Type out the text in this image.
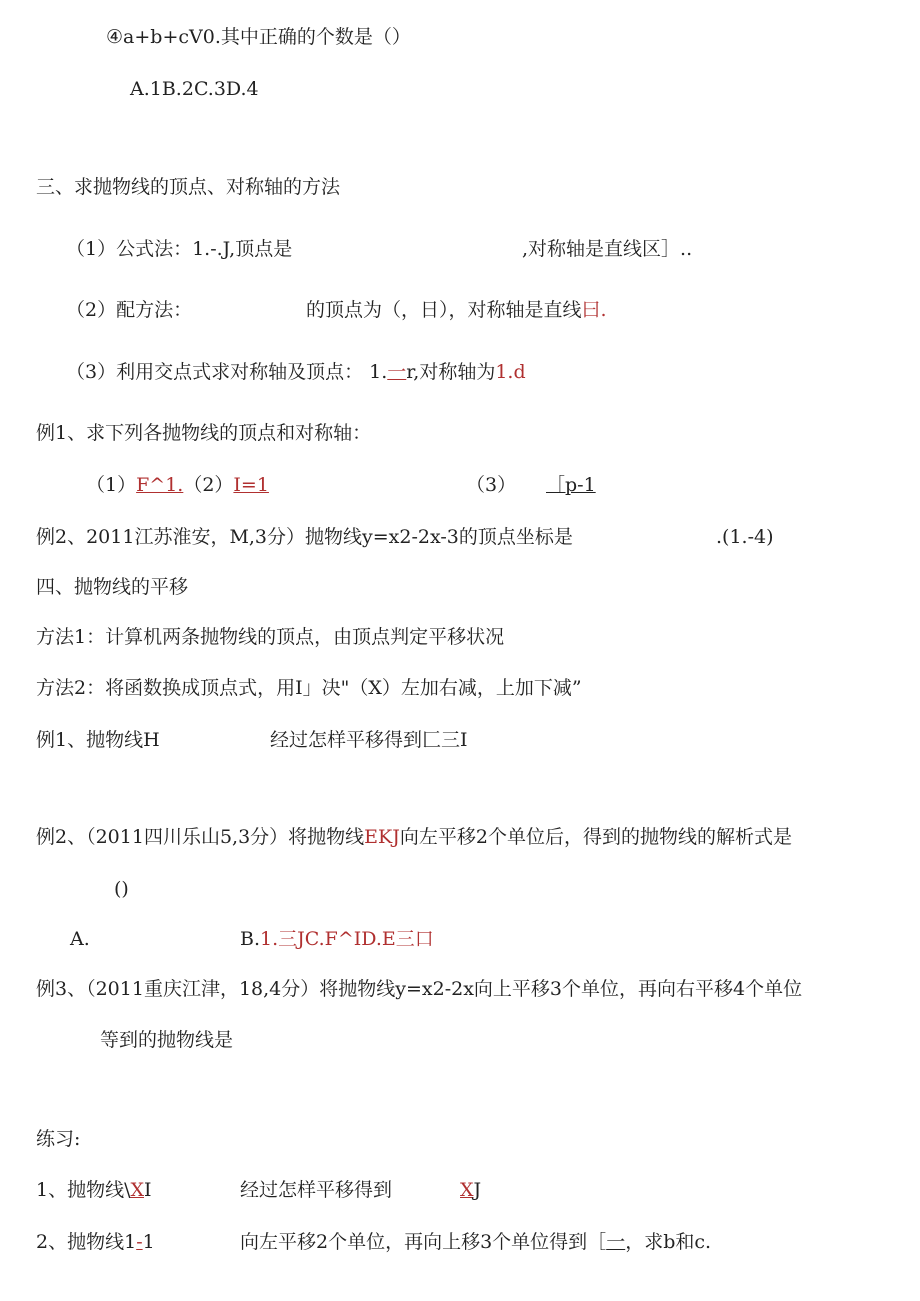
④a+b+cV0.其中正确的个数是（）
A.1B.2C.3D.4
三、求抛物线的顶点、对称轴的方法
（1）公式法：1.-.J,顶点是	,对称轴是直线区］..
（2）配方法：	的顶点为（，日），对称轴是直线曰.
（3）利用交点式求对称轴及顶点： 1.一r,对称轴为1.d
例1、求下列各抛物线的顶点和对称轴：
（1）F^1.（2）I=1	（3） ［p-1
例2、2011江苏淮安，M,3分）抛物线y=x2-2x-3的顶点坐标是	.(1.-4)
四、抛物线的平移
方法1：计算机两条抛物线的顶点，由顶点判定平移状况
方法2：将函数换成顶点式，用I」决"（X）左加右减，上加下减”
例1、抛物线H	经过怎样平移得到匚三I
例2、（2011四川乐山5,3分）将抛物线EKJ向左平移2个单位后，得到的抛物线的解析式是
()
A.	B.1.三JC.F^ID.E三口
例3、（2011重庆江津，18,4分）将抛物线y=x2-2x向上平移3个单位，再向右平移4个单位
等到的抛物线是
练习:
1、抛物线\XI	经过怎样平移得到	XJ
2、抛物线1-1	向左平移2个单位，再向上移3个单位得到［一，求b和c.
